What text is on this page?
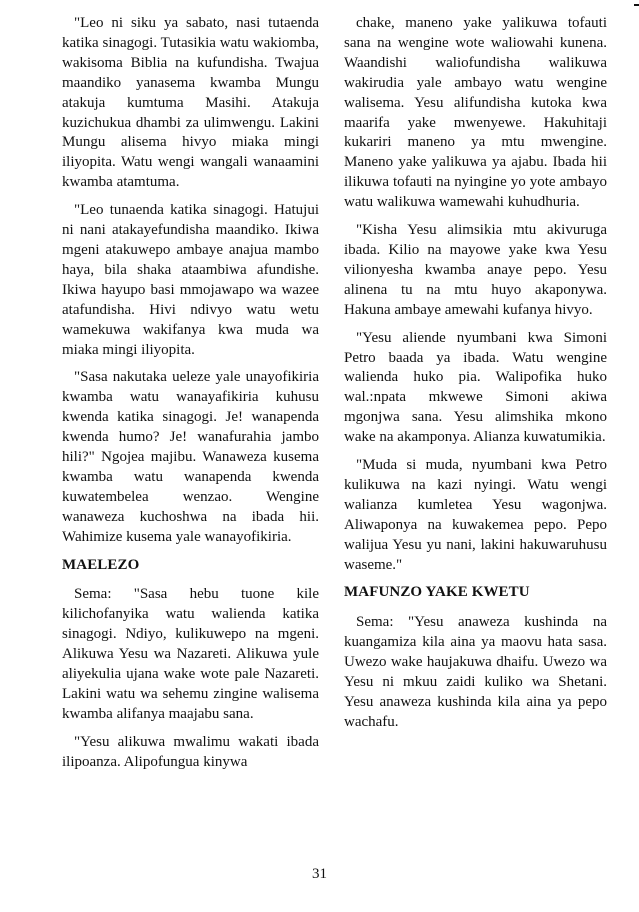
"Leo ni siku ya sabato, nasi tutaenda katika sinagogi. Tutasikia watu wakiomba, wakisoma Biblia na kufundisha. Twajua maandiko yanasema kwamba Mungu atakuja kumtuma Masihi. Atakuja kuzichukua dhambi za ulimwengu. Lakini Mungu alisema hivyo miaka mingi iliyopita. Watu wengi wangali wanaamini kwamba atamtuma.

"Leo tunaenda katika sinagogi. Hatujui ni nani atakayefundisha maandiko. Ikiwa mgeni atakuwepo ambaye anajua mambo haya, bila shaka ataambiwa afundishe. Ikiwa hayupo basi mmojawapo wa wazee atafundisha. Hivi ndivyo watu wetu wamekuwa wakifanya kwa muda wa miaka mingi iliyopita.

"Sasa nakutaka ueleze yale unayofikiria kwamba watu wanayafikiria kuhusu kwenda katika sinagogi. Je! wanapenda kwenda humo? Je! wanafurahia jambo hili?" Ngojea majibu. Wanaweza kusema kwamba watu wanapenda kwenda kuwatembelea wenzao. Wengine wanaweza kuchoshwa na ibada hii. Wahimize kusema yale wanayofikiria.

MAELEZO

Sema: "Sasa hebu tuone kile kilichofanyika watu walienda katika sinagogi. Ndiyo, kulikuwepo na mgeni. Alikuwa Yesu wa Nazareti. Alikuwa yule aliyekulia ujana wake wote pale Nazareti. Lakini watu wa sehemu zingine walisema kwamba alifanya maajabu sana.

"Yesu alikuwa mwalimu wakati ibada ilipoanza. Alipofungua kinywa

chake, maneno yake yalikuwa tofauti sana na wengine wote waliowahi kunena. Waandishi waliofundisha walikuwa wakirudia yale ambayo watu wengine walisema. Yesu alifundisha kutoka kwa maarifa yake mwenyewe. Hakuhitaji kukariri maneno ya mtu mwengine. Maneno yake yalikuwa ya ajabu. Ibada hii ilikuwa tofauti na nyingine yo yote ambayo watu walikuwa wamewahi kuhudhuria.

"Kisha Yesu alimsikia mtu akivuruga ibada. Kilio na mayowe yake kwa Yesu vilionyesha kwamba anaye pepo. Yesu alinena tu na mtu huyo akaponywa. Hakuna ambaye amewahi kufanya hivyo.

"Yesu aliende nyumbani kwa Simoni Petro baada ya ibada. Watu wengine walienda huko pia. Walipofika huko wal.:npata mkwewe Simoni akiwa mgonjwa sana. Yesu alimshika mkono wake na akamponya. Alianza kuwatumikia.

"Muda si muda, nyumbani kwa Petro kulikuwa na kazi nyingi. Watu wengi walianza kumletea Yesu wagonjwa. Aliwaponya na kuwakemea pepo. Pepo walijua Yesu yu nani, lakini hakuwaruhusu waseme."

MAFUNZO YAKE KWETU

Sema: "Yesu anaweza kushinda na kuangamiza kila aina ya maovu hata sasa. Uwezo wake haujakuwa dhaifu. Uwezo wa Yesu ni mkuu zaidi kuliko wa Shetani. Yesu anaweza kushinda kila aina ya pepo wachafu.

31
